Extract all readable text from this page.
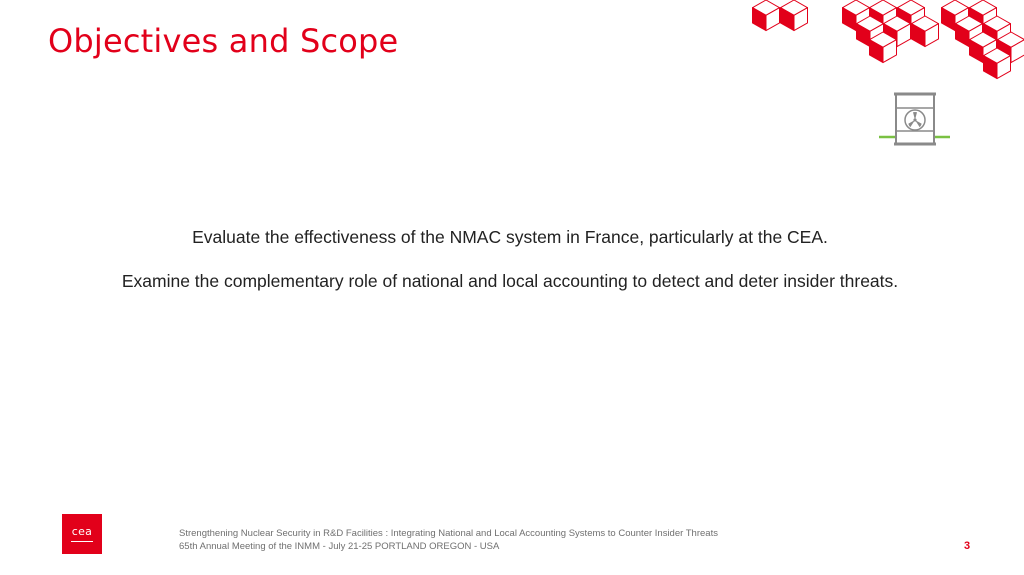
Objectives and Scope

Evaluate the effectiveness of the NMAC system in France, particularly at the CEA.

Examine the complementary role of national and local accounting to detect and deter insider threats.

cea	Strengthening Nuclear Security in R&D Facilities : Integrating National and Local Accounting Systems to Counter Insider Threats
65th Annual Meeting of the INMM - July 21-25 PORTLAND OREGON - USA	3
